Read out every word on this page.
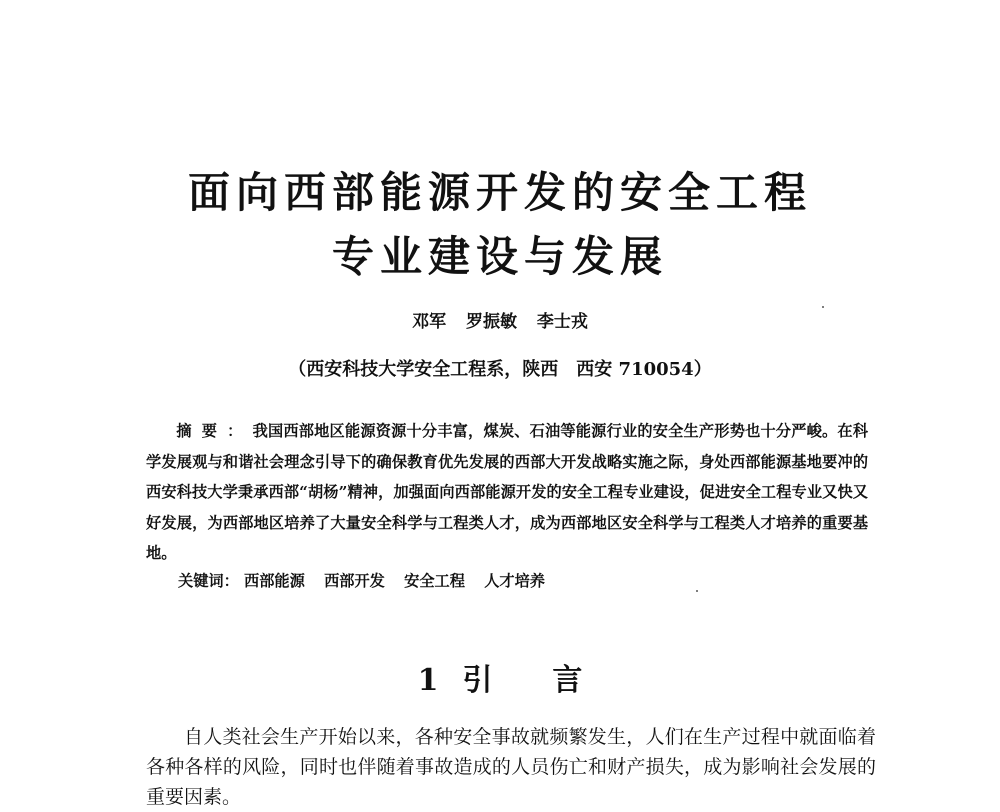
面向西部能源开发的安全工程
专业建设与发展
邓军 罗振敏 李士戎
（西安科技大学安全工程系，陕西　西安 710054）
摘要：我国西部地区能源资源十分丰富，煤炭、石油等能源行业的安全生产形势也十分严峻。在科学发展观与和谐社会理念引导下的确保教育优先发展的西部大开发战略实施之际，身处西部能源基地要冲的西安科技大学秉承西部“胡杨”精神，加强面向西部能源开发的安全工程专业建设，促进安全工程专业又快又好发展，为西部地区培养了大量安全科学与工程类人才，成为西部地区安全科学与工程类人才培养的重要基地。
关键词： 西部能源 西部开发 安全工程 人才培养
1 引言
自人类社会生产开始以来，各种安全事故就频繁发生，人们在生产过程中就面临着各种各样的风险，同时也伴随着事故造成的人员伤亡和财产损失，成为影响社会发展的重要因素。
